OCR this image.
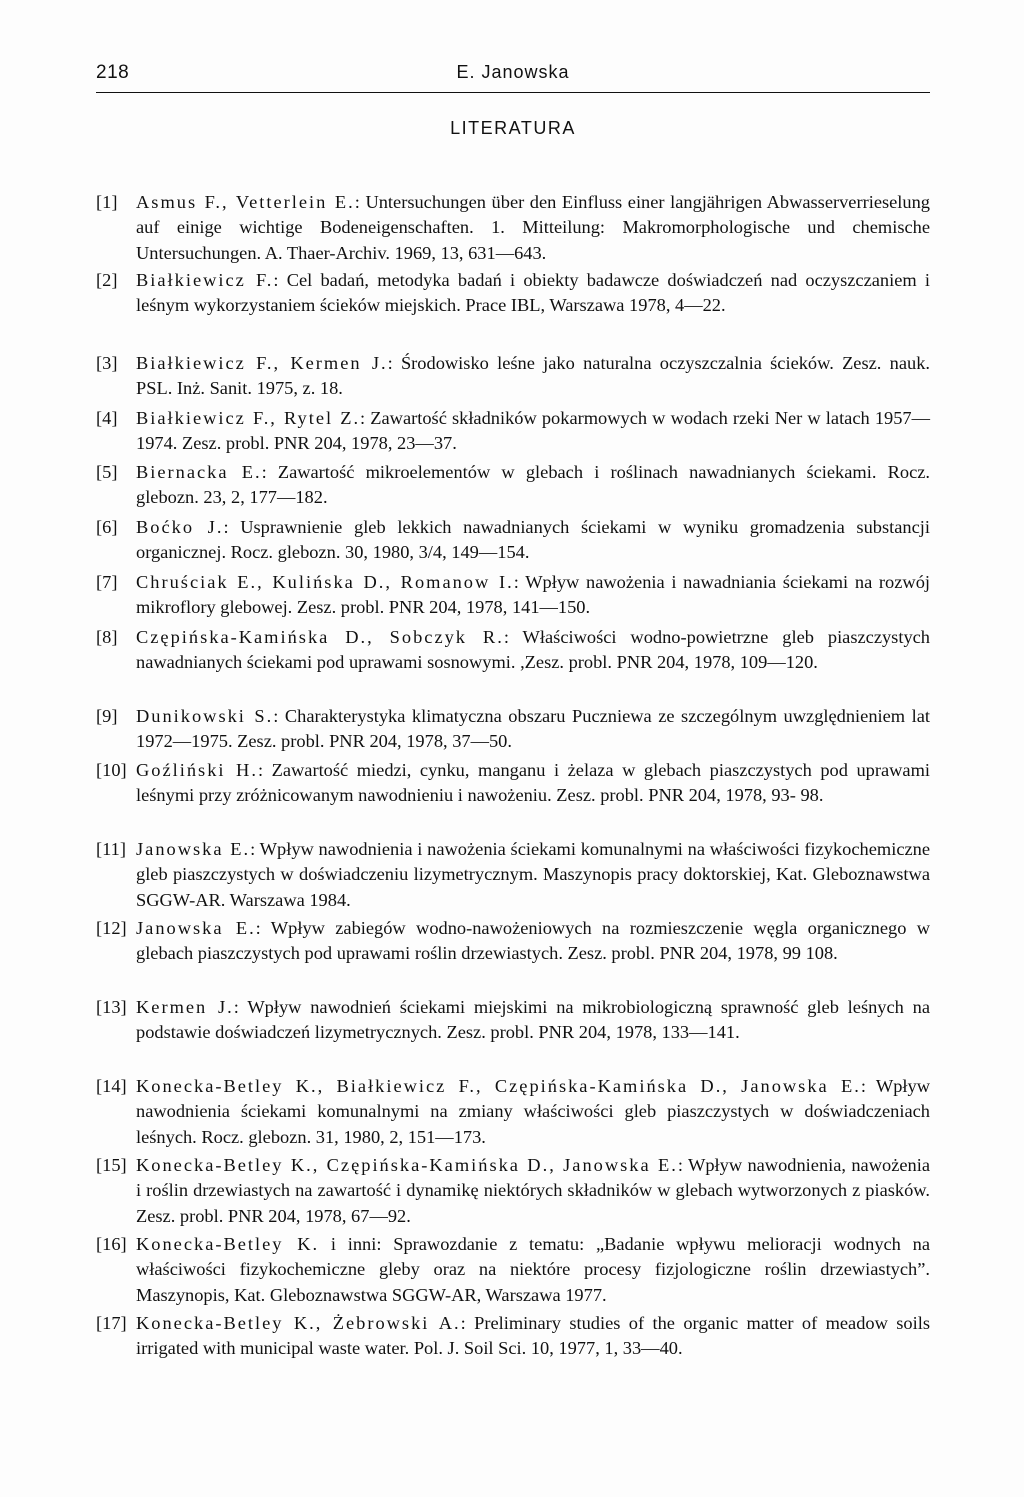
218	E. Janowska
LITERATURA
[1] Asmus F., Vetterlein E.: Untersuchungen über den Einfluss einer langjährigen Abwasserverrieselung auf einige wichtige Bodeneigenschaften. 1. Mitteilung: Makromorphologische und chemische Untersuchungen. A. Thaer-Archiv. 1969, 13, 631—643.
[2] Białkiewicz F.: Cel badań, metodyka badań i obiekty badawcze doświadczeń nad oczyszczaniem i leśnym wykorzystaniem ścieków miejskich. Prace IBL, Warszawa 1978, 4—22.
[3] Białkiewicz F., Kermen J.: Środowisko leśne jako naturalna oczyszczalnia ścieków. Zesz. nauk. PSL. Inż. Sanit. 1975, z. 18.
[4] Białkiewicz F., Rytel Z.: Zawartość składników pokarmowych w wodach rzeki Ner w latach 1957—1974. Zesz. probl. PNR 204, 1978, 23—37.
[5] Biernacka E.: Zawartość mikroelementów w glebach i roślinach nawadnianych ściekami. Rocz. glebozn. 23, 2, 177—182.
[6] Boćko J.: Usprawnienie gleb lekkich nawadnianych ściekami w wyniku gromadzenia substancji organicznej. Rocz. glebozn. 30, 1980, 3/4, 149—154.
[7] Chruściak E., Kulińska D., Romanow I.: Wpływ nawożenia i nawadniania ściekami na rozwój mikroflory glebowej. Zesz. probl. PNR 204, 1978, 141—150.
[8] Czępińska-Kamińska D., Sobczyk R.: Właściwości wodno-powietrzne gleb piaszczystych nawadnianych ściekami pod uprawami sosnowymi. ,Zesz. probl. PNR 204, 1978, 109—120.
[9] Dunikowski S.: Charakterystyka klimatyczna obszaru Puczniewa ze szczególnym uwzględnieniem lat 1972—1975. Zesz. probl. PNR 204, 1978, 37—50.
[10] Goźliński H.: Zawartość miedzi, cynku, manganu i żelaza w glebach piaszczystych pod uprawami leśnymi przy zróżnicowanym nawodnieniu i nawożeniu. Zesz. probl. PNR 204, 1978, 93- 98.
[11] Janowska E.: Wpływ nawodnienia i nawożenia ściekami komunalnymi na właściwości fizykochemiczne gleb piaszczystych w doświadczeniu lizymetrycznym. Maszynopis pracy doktorskiej, Kat. Gleboznawstwa SGGW-AR. Warszawa 1984.
[12] Janowska E.: Wpływ zabiegów wodno-nawożeniowych na rozmieszczenie węgla organicznego w glebach piaszczystych pod uprawami roślin drzewiastych. Zesz. probl. PNR 204, 1978, 99 108.
[13] Kermen J.: Wpływ nawodnień ściekami miejskimi na mikrobiologiczną sprawność gleb leśnych na podstawie doświadczeń lizymetrycznych. Zesz. probl. PNR 204, 1978, 133—141.
[14] Konecka-Betley K., Białkiewicz F., Czępińska-Kamińska D., Janowska E.: Wpływ nawodnienia ściekami komunalnymi na zmiany właściwości gleb piaszczystych w doświadczeniach leśnych. Rocz. glebozn. 31, 1980, 2, 151—173.
[15] Konecka-Betley K., Czępińska-Kamińska D., Janowska E.: Wpływ nawodnienia, nawożenia i roślin drzewiastych na zawartość i dynamikę niektórych składników w glebach wytworzonych z piasków. Zesz. probl. PNR 204, 1978, 67—92.
[16] Konecka-Betley K. i inni: Sprawozdanie z tematu: „Badanie wpływu melioracji wodnych na właściwości fizykochemiczne gleby oraz na niektóre procesy fizjologiczne roślin drzewiastych”. Maszynopis, Kat. Gleboznawstwa SGGW-AR, Warszawa 1977.
[17] Konecka-Betley K., Żebrowski A.: Preliminary studies of the organic matter of meadow soils irrigated with municipal waste water. Pol. J. Soil Sci. 10, 1977, 1, 33—40.
